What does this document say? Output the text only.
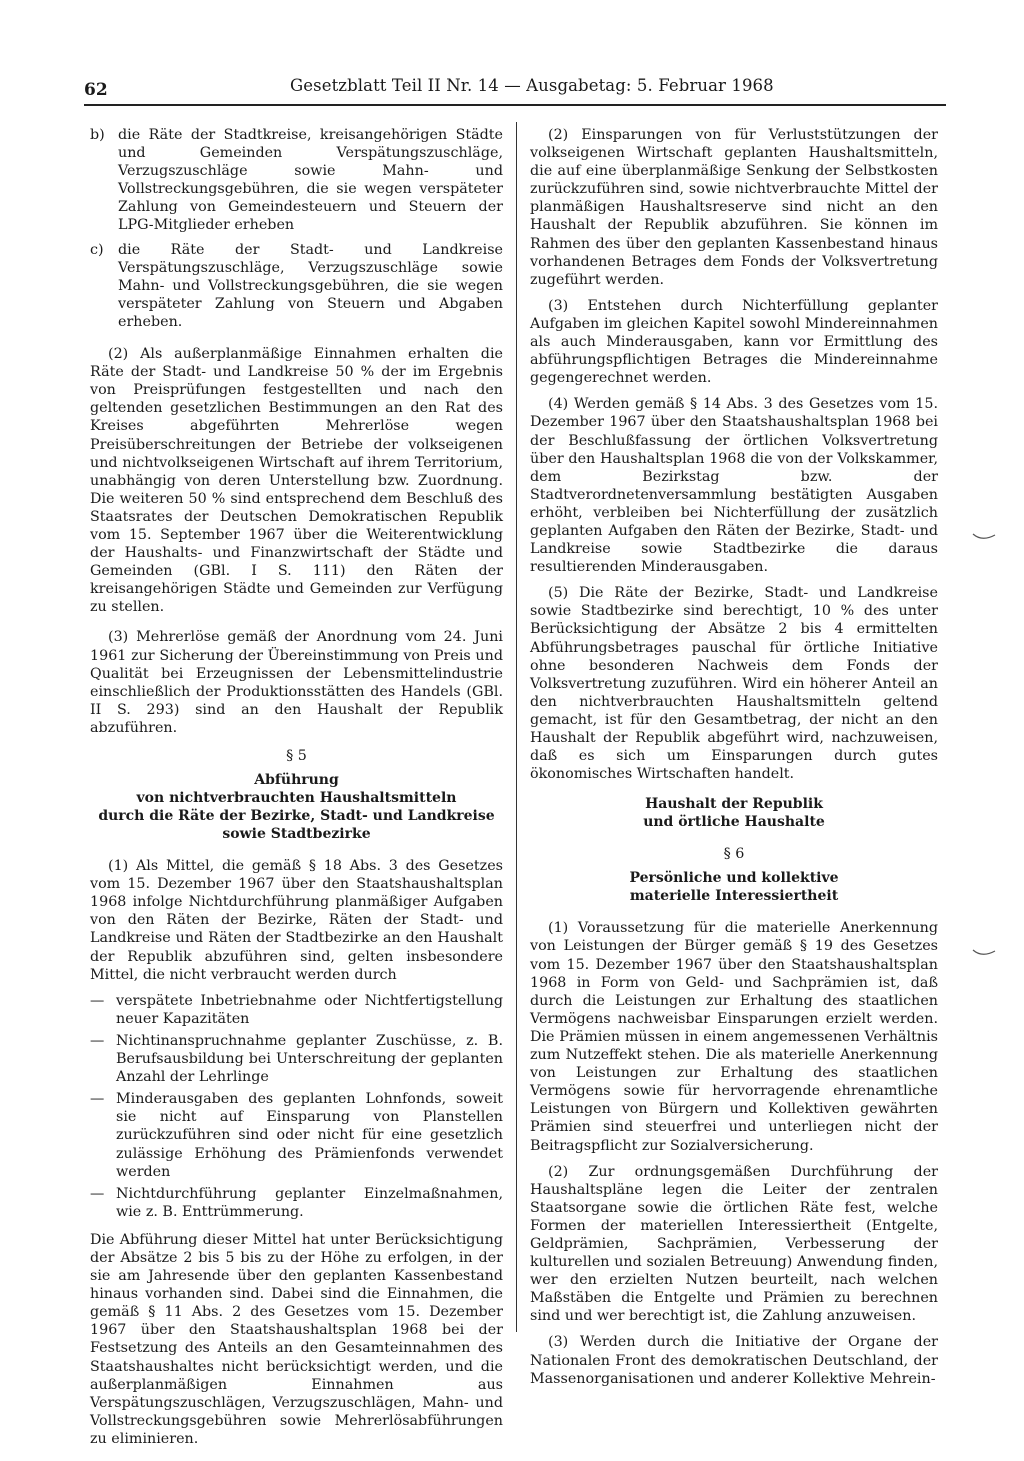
62	Gesetzblatt Teil II Nr. 14 — Ausgabetag: 5. Februar 1968
b) die Räte der Stadtkreise, kreisangehörigen Städte und Gemeinden Verspätungszuschläge, Verzugszuschläge sowie Mahn- und Vollstreckungsgebühren, die sie wegen verspäteter Zahlung von Gemeindesteuern und Steuern der LPG-Mitglieder erheben
c)	die Räte der Stadt- und Landkreise Verspätungszuschläge, Verzugszuschläge sowie Mahn- und Vollstreckungsgebühren, die sie wegen verspäteter Zahlung von Steuern und Abgaben erheben.

(2) Als außerplanmäßige Einnahmen erhalten die Räte der Stadt- und Landkreise 50 % der im Ergebnis von Preisprüfungen festgestellten und nach den geltenden gesetzlichen Bestimmungen an den Rat des Kreises abgeführten Mehrerlöse wegen Preisüberschreitungen der Betriebe der volkseigenen und nichtvolkseigenen Wirtschaft auf ihrem Territorium, unabhängig von deren Unterstellung bzw. Zuordnung. Die weiteren 50 % sind entsprechend dem Beschluß des Staatsrates der Deutschen Demokratischen Republik vom 15. September 1967 über die Weiterentwicklung der Haushalts- und Finanzwirtschaft der Städte und Gemeinden (GBl. I S. 111) den Räten der kreisangehörigen Städte und Gemeinden zur Verfügung zu stellen.

(3) Mehrerlöse gemäß der Anordnung vom 24. Juni 1961 zur Sicherung der Übereinstimmung von Preis und Qualität bei Erzeugnissen der Lebensmittelindustrie einschließlich der Produktionsstätten des Handels (GBl. II S. 293) sind an den Haushalt der Republik abzuführen.

§ 5

Abführung
von nichtverbrauchten Haushaltsmitteln
durch die Räte der Bezirke, Stadt- und Landkreise
sowie Stadtbezirke

(1) Als Mittel, die gemäß § 18 Abs. 3 des Gesetzes vom 15. Dezember 1967 über den Staatshaushaltsplan 1968 infolge Nichtdurchführung planmäßiger Aufgaben von den Räten der Bezirke, Räten der Stadt- und Landkreise und Räten der Stadtbezirke an den Haushalt der Republik abzuführen sind, gelten insbesondere Mittel, die nicht verbraucht werden durch

— verspätete Inbetriebnahme oder Nichtfertigstellung neuer Kapazitäten
— Nichtinanspruchnahme geplanter Zuschüsse, z. B. Berufsausbildung bei Unterschreitung der geplanten Anzahl der Lehrlinge
— Minderausgaben des geplanten Lohnfonds, soweit sie nicht auf Einsparung von Planstellen zurückzuführen sind oder nicht für eine gesetzlich zulässige Erhöhung des Prämienfonds verwendet werden
— Nichtdurchführung geplanter Einzelmaßnahmen, wie z. B. Enttrümmerung.

Die Abführung dieser Mittel hat unter Berücksichtigung der Absätze 2 bis 5 bis zu der Höhe zu erfolgen, in der sie am Jahresende über den geplanten Kassenbestand hinaus vorhanden sind. Dabei sind die Einnahmen, die gemäß § 11 Abs. 2 des Gesetzes vom 15. Dezember 1967 über den Staatshaushaltsplan 1968 bei der Festsetzung des Anteils an den Gesamteinnahmen des Staatshaushaltes nicht berücksichtigt werden, und die außerplanmäßigen Einnahmen aus Verspätungszuschlägen, Verzugszuschlägen, Mahn- und Vollstreckungsgebühren sowie Mehrerlösabführungen zu eliminieren.

(2) Einsparungen von für Verluststützungen der volkseigenen Wirtschaft geplanten Haushaltsmitteln, die auf eine überplanmäßige Senkung der Selbstkosten zurückzuführen sind, sowie nichtverbrauchte Mittel der planmäßigen Haushaltsreserve sind nicht an den Haushalt der Republik abzuführen. Sie können im Rahmen des über den geplanten Kassenbestand hinaus vorhandenen Betrages dem Fonds der Volksvertretung zugeführt werden.

(3) Entstehen durch Nichterfüllung geplanter Aufgaben im gleichen Kapitel sowohl Mindereinnahmen als auch Minderausgaben, kann vor Ermittlung des abführungspflichtigen Betrages die Mindereinnahme gegengerechnet werden.

(4) Werden gemäß § 14 Abs. 3 des Gesetzes vom 15. Dezember 1967 über den Staatshaushaltsplan 1968 bei der Beschlußfassung der örtlichen Volksvertretung über den Haushaltsplan 1968 die von der Volkskammer, dem Bezirkstag bzw. der Stadtverordnetenversammlung bestätigten Ausgaben erhöht, verbleiben bei Nichterfüllung der zusätzlich geplanten Aufgaben den Räten der Bezirke, Stadt- und Landkreise sowie Stadtbezirke die daraus resultierenden Minderausgaben.

(5) Die Räte der Bezirke, Stadt- und Landkreise sowie Stadtbezirke sind berechtigt, 10 % des unter Berücksichtigung der Absätze 2 bis 4 ermittelten Abführungsbetrages pauschal für örtliche Initiative ohne besonderen Nachweis dem Fonds der Volksvertretung zuzuführen. Wird ein höherer Anteil an den nichtverbrauchten Haushaltsmitteln geltend gemacht, ist für den Gesamtbetrag, der nicht an den Haushalt der Republik abgeführt wird, nachzuweisen, daß es sich um Einsparungen durch gutes ökonomisches Wirtschaften handelt.

Haushalt der Republik
und örtliche Haushalte

§ 6

Persönliche und kollektive
materielle Interessiertheit

(1) Voraussetzung für die materielle Anerkennung von Leistungen der Bürger gemäß § 19 des Gesetzes vom 15. Dezember 1967 über den Staatshaushaltsplan 1968 in Form von Geld- und Sachprämien ist, daß durch die Leistungen zur Erhaltung des staatlichen Vermögens nachweisbar Einsparungen erzielt werden. Die Prämien müssen in einem angemessenen Verhältnis zum Nutzeffekt stehen. Die als materielle Anerkennung von Leistungen zur Erhaltung des staatlichen Vermögens sowie für hervorragende ehrenamtliche Leistungen von Bürgern und Kollektiven gewährten Prämien sind steuerfrei und unterliegen nicht der Beitragspflicht zur Sozialversicherung.

(2) Zur ordnungsgemäßen Durchführung der Haushaltspläne legen die Leiter der zentralen Staatsorgane sowie die örtlichen Räte fest, welche Formen der materiellen Interessiertheit (Entgelte, Geldprämien, Sachprämien, Verbesserung der kulturellen und sozialen Betreuung) Anwendung finden, wer den erzielten Nutzen beurteilt, nach welchen Maßstäben die Entgelte und Prämien zu berechnen sind und wer berechtigt ist, die Zahlung anzuweisen.

(3) Werden durch die Initiative der Organe der Nationalen Front des demokratischen Deutschland, der Massenorganisationen und anderer Kollektive Mehrein-
